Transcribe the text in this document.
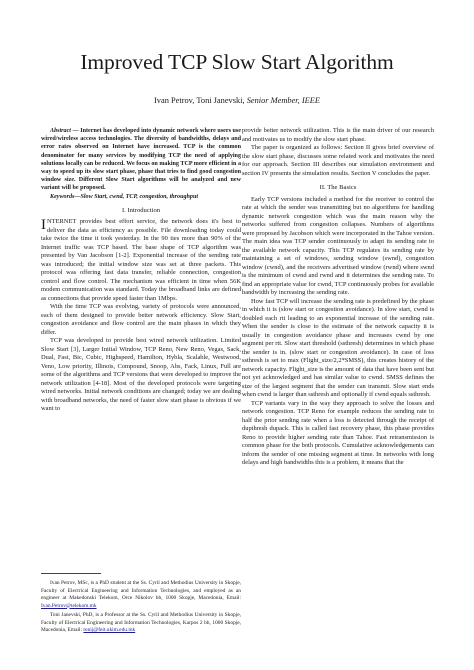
Improved TCP Slow Start Algorithm
Ivan Petrov, Toni Janevski, Senior Member, IEEE

Abstract — Internet has developed into dynamic network where users use wired/wireless access technologies. The diversity of bandwidths, delays and error rates observed on Internet have increased. TCP is the common denominator for many services by modifying TCP the need of applying solutions locally can be reduced. We focus on making TCP more efficient in a way to speed up its slow start phase, phase that tries to find good congestion window size. Different Slow Start algorithms will be analyzed and new variant will be proposed.

Keywords—Slow Start, cwnd, TCP, congestion, throughput

I. Introduction

INTERNET provides best effort service, the network does it's best to deliver the data as efficiency as possible. File downloading today could take twice the time it took yesterday. In the 90 ties more than 90% of the Internet traffic was TCP based. The base shape of TCP algorithm was presented by Van Jacobson [1-2]. Exponential increase of the sending rate was introduced; the initial window size was set at three packets. This protocol was offering fast data transfer, reliable connection, congestion control and flow control. The mechanism was efficient in time when 56K modem communication was standard. Today the broadband links are defined as connections that provide speed faster than 1Mbps.

With the time TCP was evolving, variety of protocols were announced, each of them designed to provide better network efficiency. Slow Start, congestion avoidance and flow control are the main phases in which they differ.

TCP was developed to provide best wired network utilization. Limited Slow Start [3], Larger Initial Window, TCP Reno, New Reno, Vegas, Sack, Dual, Fast, Bic, Cubic, Highspeed, Hamilton, Hybla, Scalable, Westwood, Veno, Low priority, Illinois, Compound, Snoop, Abs, Fack, Linux, Full are some of the algorithms and TCP versions that were developed to improve the network utilization [4-18]. Most of the developed protocols were targeting wired networks. Initial network conditions are changed; today we are dealing with broadband networks, the need of faster slow start phase is obvious if we want to

Ivan Petrov, MSc, is a PhD student at the Ss. Cyril and Methodius University in Skopje, Faculty of Electrical Engineering and Information Technologies, and employed as an engineer at Makedonski Telekom, Orce Nikolov bb, 1000 Skopje, Macedonia, Email: Ivan.Petrov@telekom.mk

Toni Janevski, PhD, is a Professor at the Ss. Cyril and Methodius University in Skopje, Faculty of Electrical Engineering and Information Technologies, Karpos 2 bb, 1000 Skopje, Macedonia, Email: tonij@feit.ukim.edu.mk

provide better network utilization. This is the main driver of our research and motivates us to modify the slow start phase.

The paper is organized as follows: Section II gives brief overview of the slow start phase, discusses some related work and motivates the need for our approach. Section III describes our simulation environment and section IV presents the simulation results. Section V concludes the paper.

II. The Basics

Early TCP versions included a method for the receiver to control the rate at which the sender was transmitting but no algorithms for handling dynamic network congestion which was the main reason why the networks suffered from congestion collapses. Numbers of algorithms were proposed by Jacobson which were incorporated in the Tahoe version. The main idea was TCP sender continuously to adapt its sending rate to the available network capacity. This TCP regulates its sending rate by maintaining a set of windows, sending window (swnd), congestion window (cwnd), and the receivers advertised window (rwnd) where swnd is the minimum of cwnd and rwnd and it determines the sending rate. To find an appropriate value for cwnd, TCP continuously probes for available bandwidth by increasing the sending rate.

How fast TCP will increase the sending rate is predefined by the phase in which it is (slow start or congestion avoidance). In slow start, cwnd is doubled each rtt leading to an exponential increase of the sending rate. When the sender is close to the estimate of the network capacity it is usually in congestion avoidance phase and increases cwnd by one segment per rtt. Slow start threshold (ssthresh) determines in which phase the sender is in. (slow start or congestion avoidance). In case of loss ssthresh is set to max (Flight_size/2,2*SMSS), this creates history of the network capacity. Flight_size is the amount of data that have been sent but not yet acknowledged and has similar value to cwnd. SMSS defines the size of the largest segment that the sender can transmit. Slow start ends when cwnd is larger than ssthresh and optionally if cwnd equals ssthresh.

TCP variants vary in the way they approach to solve the losses and network congestion. TCP Reno for example reduces the sending rate to half the prior sending rate when a loss is detected through the receipt of dupthresh dupack. This is called fast recovery phase, this phase provides Reno to provide higher sending rate than Tahoe. Fast retransmission is common phase for the both protocols. Cumulative acknowledgements can inform the sender of one missing segment at time. In networks with long delays and high bandwidths this is a problem, it means that the
